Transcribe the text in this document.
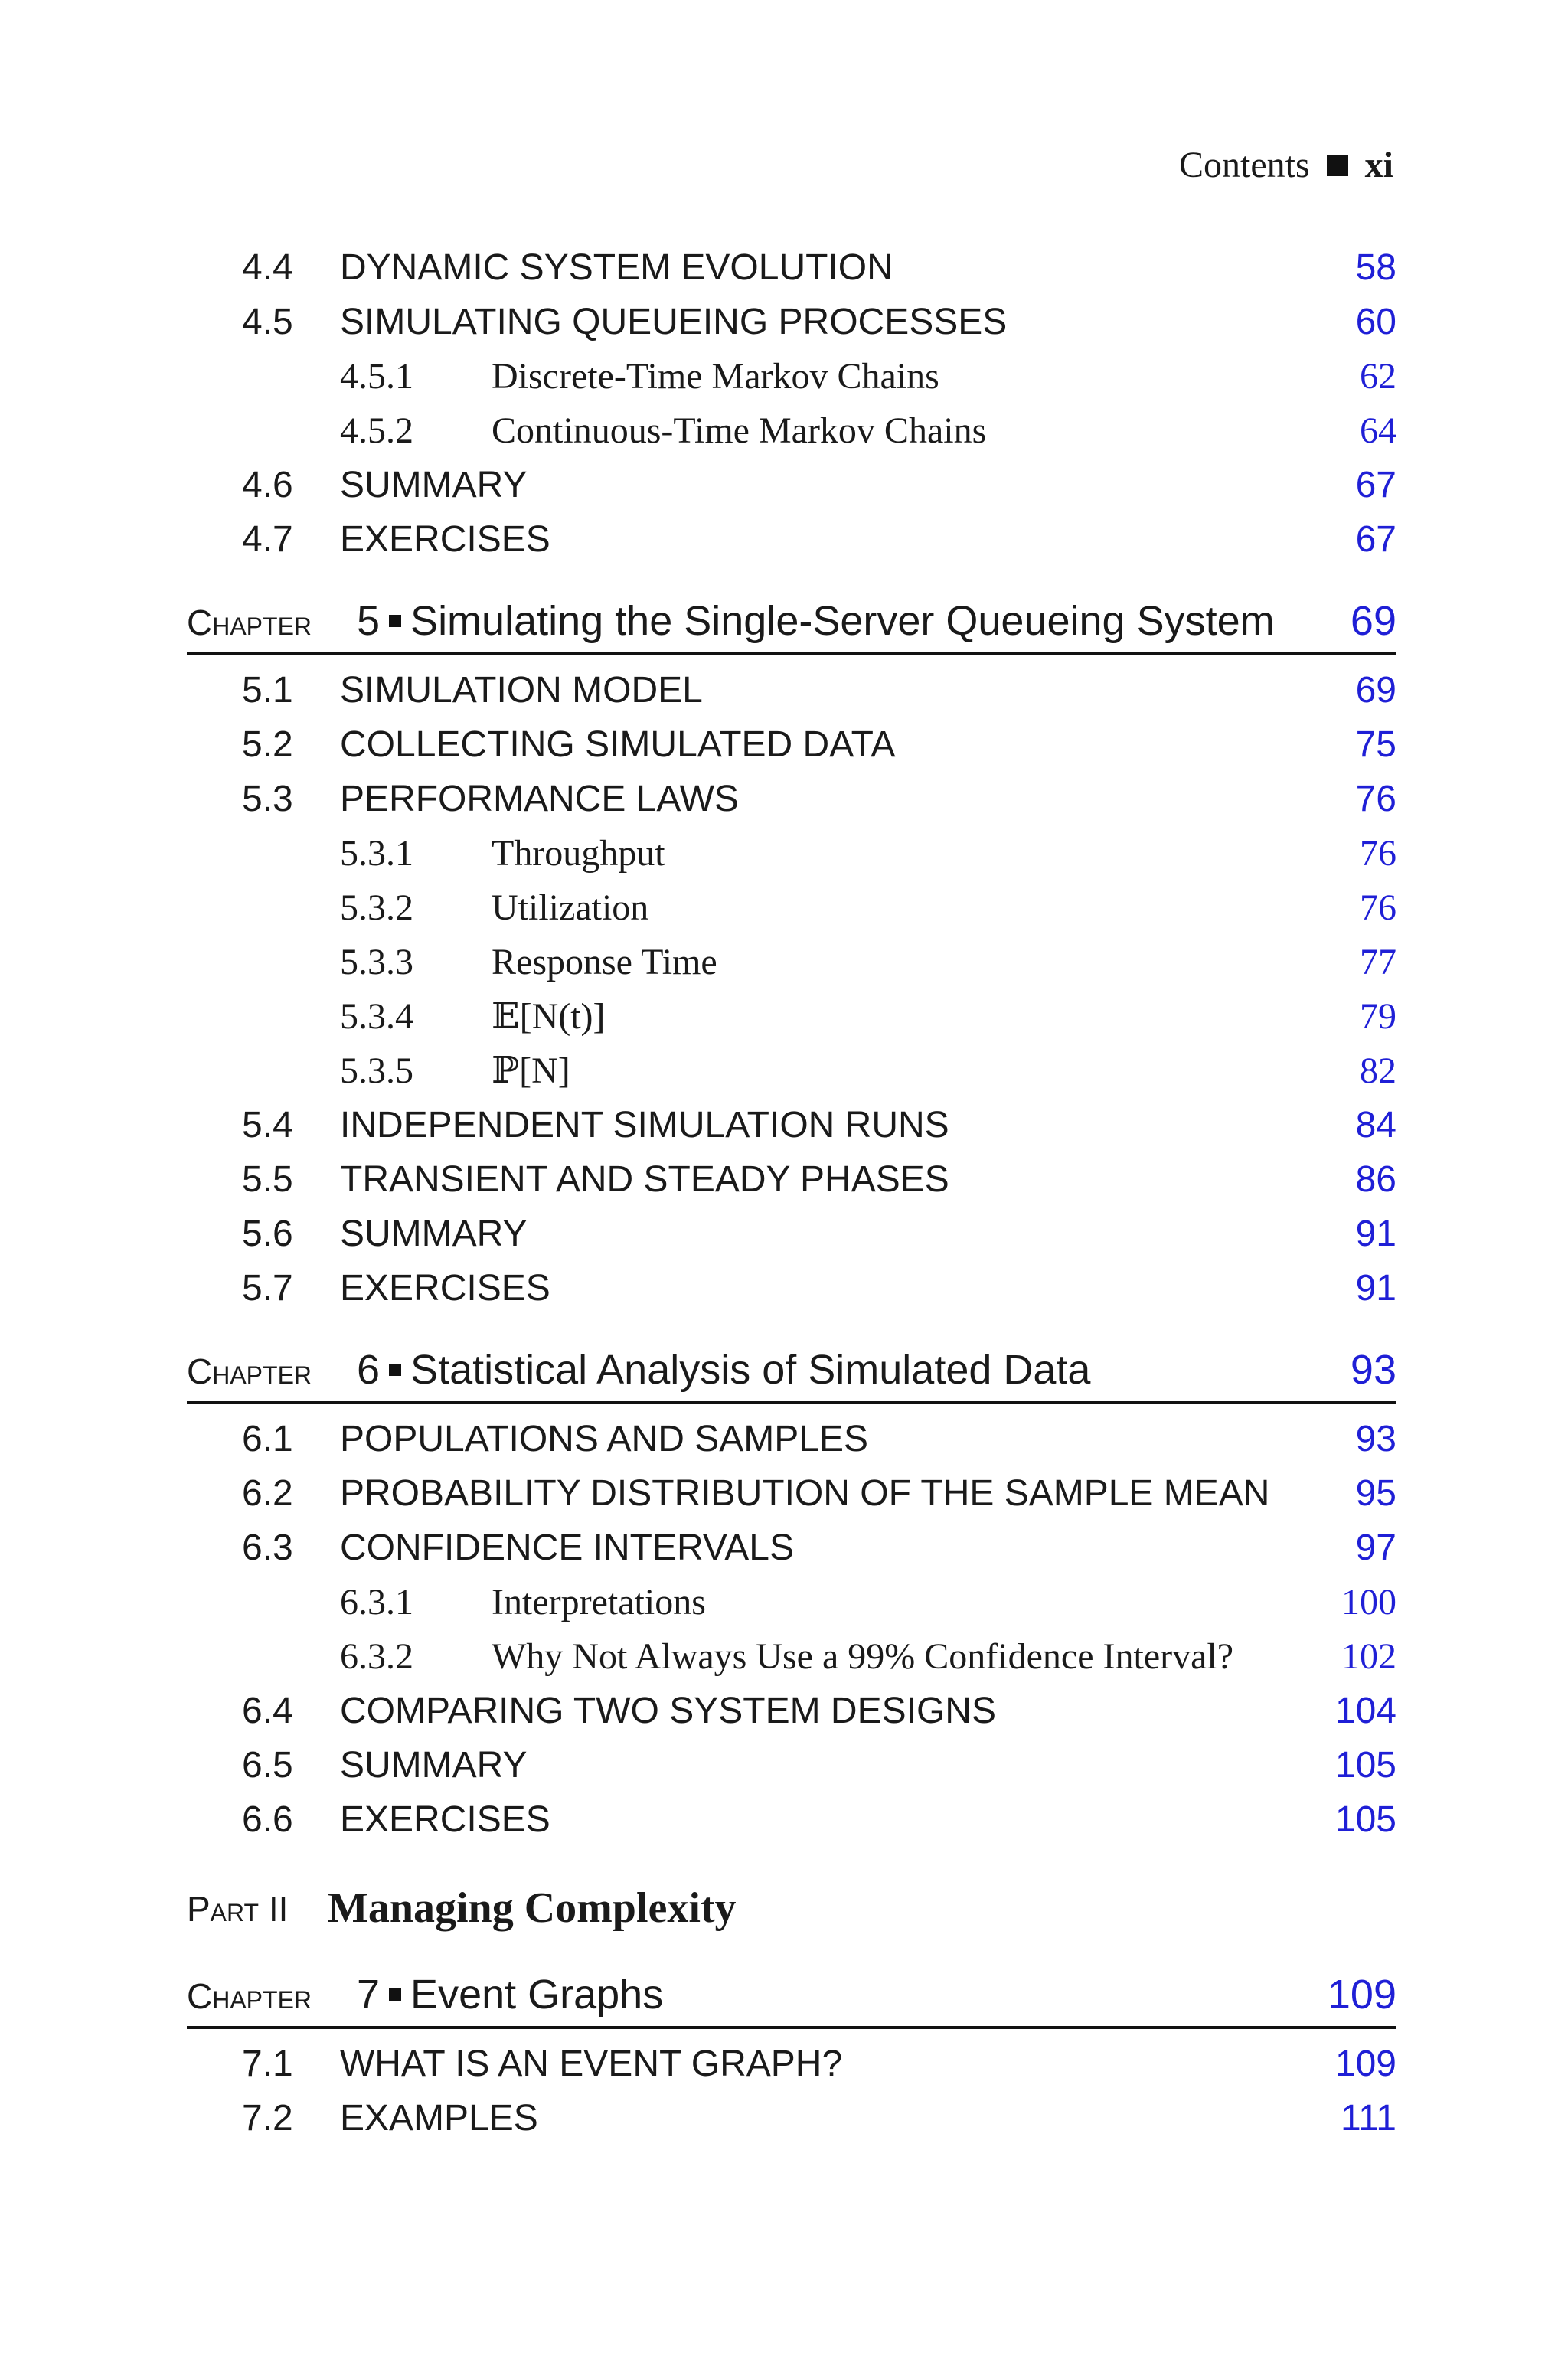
Contents xi
4.4 DYNAMIC SYSTEM EVOLUTION	58
4.5 SIMULATING QUEUEING PROCESSES	60
4.5.1 Discrete-Time Markov Chains	62
4.5.2 Continuous-Time Markov Chains	64
4.6 SUMMARY	67
4.7 EXERCISES	67
Chapter 5 Simulating the Single-Server Queueing System 69
5.1 SIMULATION MODEL	69
5.2 COLLECTING SIMULATED DATA	75
5.3 PERFORMANCE LAWS	76
5.3.1 Throughput	76
5.3.2 Utilization	76
5.3.3 Response Time	77
5.3.4 𝔼[N(t)]	79
5.3.5 ℙ[N]	82
5.4 INDEPENDENT SIMULATION RUNS	84
5.5 TRANSIENT AND STEADY PHASES	86
5.6 SUMMARY	91
5.7 EXERCISES	91
Chapter 6 Statistical Analysis of Simulated Data	93
6.1 POPULATIONS AND SAMPLES	93
6.2 PROBABILITY DISTRIBUTION OF THE SAMPLE MEAN 95
6.3 CONFIDENCE INTERVALS	97
6.3.1 Interpretations	100
6.3.2 Why Not Always Use a 99% Confidence Interval?	102
6.4 COMPARING TWO SYSTEM DESIGNS	104
6.5 SUMMARY	105
6.6 EXERCISES	105
Part II Managing Complexity
Chapter 7 Event Graphs	109
7.1 WHAT IS AN EVENT GRAPH?	109
7.2 EXAMPLES	111
